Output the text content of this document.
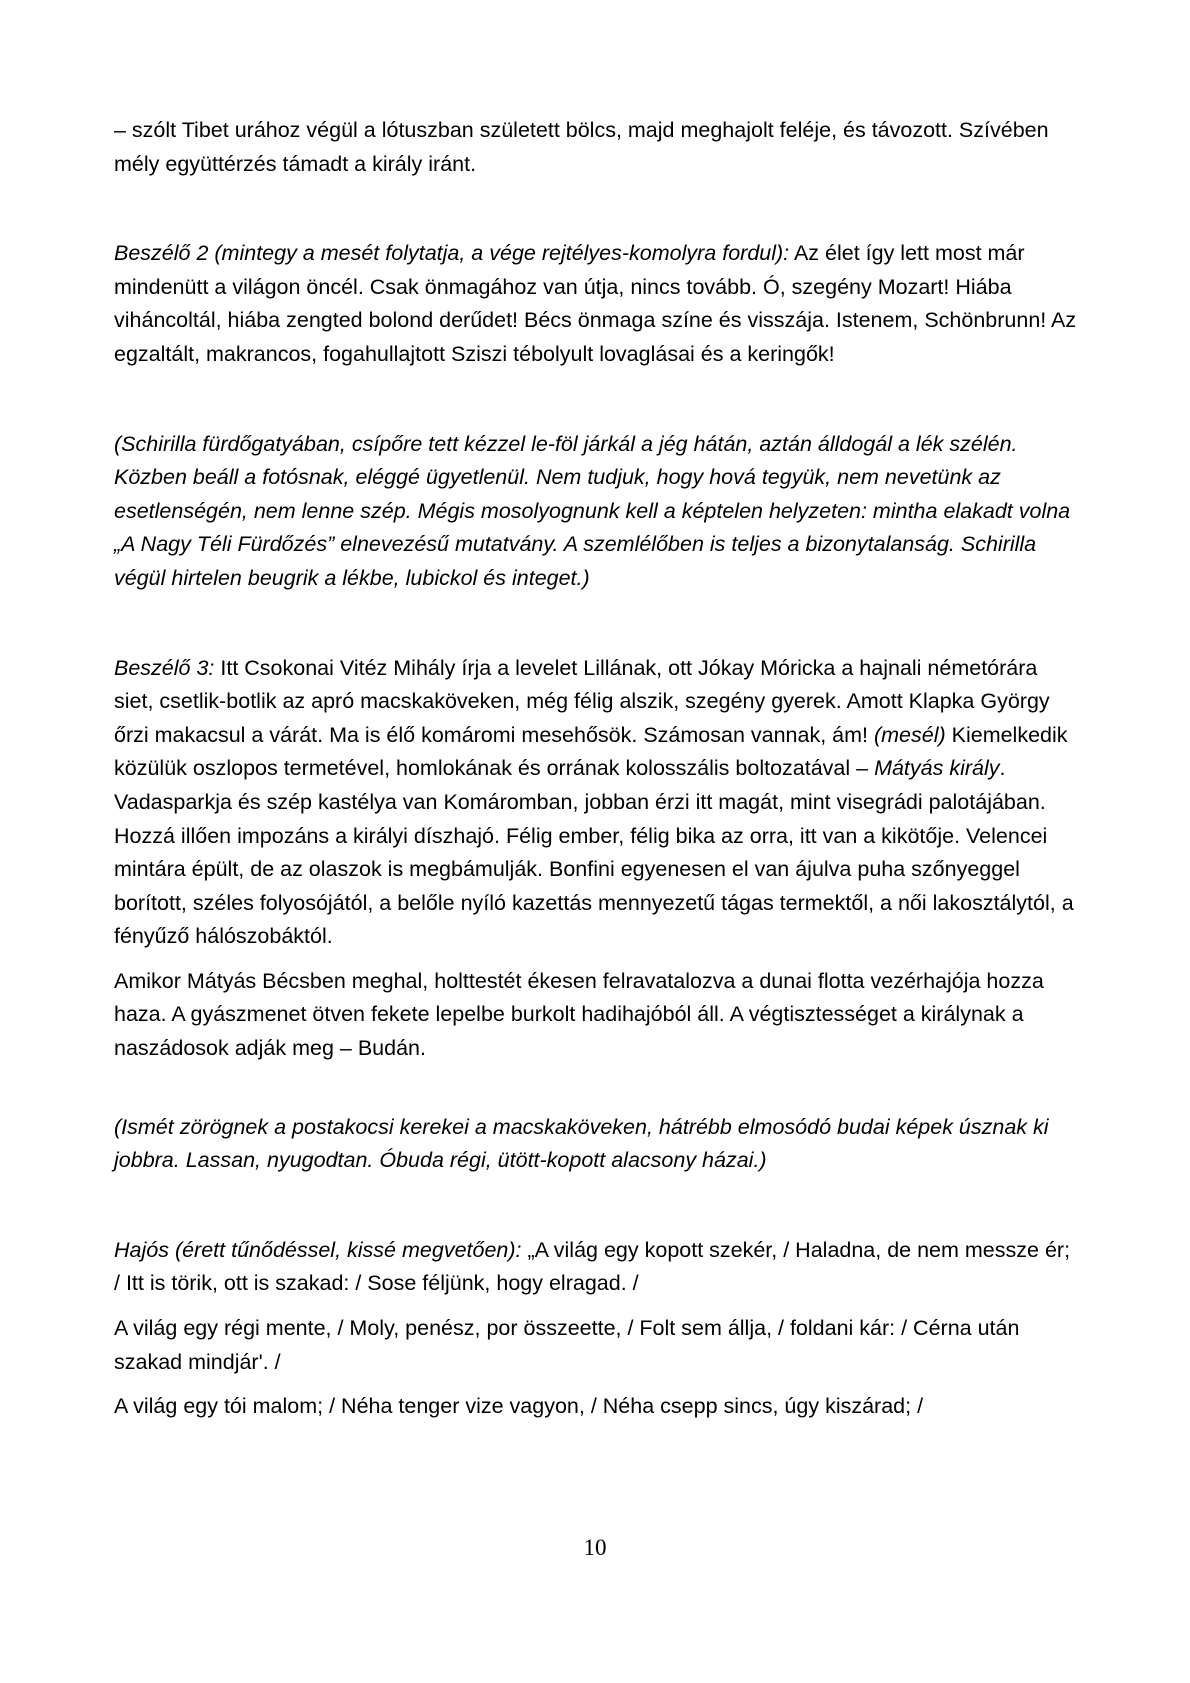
– szólt Tibet urához végül a lótuszban született bölcs, majd meghajolt feléje, és távozott. Szívében mély együttérzés támadt a király iránt.

Beszélő 2 (mintegy a mesét folytatja, a vége rejtélyes-komolyra fordul): Az élet így lett most már mindenütt a világon öncél. Csak önmagához van útja, nincs tovább. Ó, szegény Mozart! Hiába viháncoltál, hiába zengted bolond derűdet! Bécs önmaga színe és visszája. Istenem, Schönbrunn! Az egzaltált, makrancos, fogahullajtott Sziszi tébolyult lovaglásai és a keringők!

(Schirilla fürdőgatyában, csípőre tett kézzel le-föl járkál a jég hátán, aztán álldogál a lék szélén. Közben beáll a fotósnak, eléggé ügyetlenül. Nem tudjuk, hogy hová tegyük, nem nevetünk az esetlenségén, nem lenne szép. Mégis mosolyognunk kell a képtelen helyzeten: mintha elakadt volna „A Nagy Téli Fürdőzés” elnevezésű mutatvány. A szemlélőben is teljes a bizonytalanság. Schirilla végül hirtelen beugrik a lékbe, lubickol és integet.)

Beszélő 3: Itt Csokonai Vitéz Mihály írja a levelet Lillának, ott Jókay Móricka a hajnali németórára siet, csetlik-botlik az apró macskaköveken, még félig alszik, szegény gyerek. Amott Klapka György őrzi makacsul a várát. Ma is élő komáromi mesehősök. Számosan vannak, ám! (mesél) Kiemelkedik közülük oszlopos termetével, homlokának és orrának kolosszális boltozatával – Mátyás király. Vadasparkja és szép kastélya van Komáromban, jobban érzi itt magát, mint visegrádi palotájában. Hozzá illően impozáns a királyi díszhajó. Félig ember, félig bika az orra, itt van a kikötője. Velencei mintára épült, de az olaszok is megbámulják. Bonfini egyenesen el van ájulva puha szőnyeggel borított, széles folyosójától, a belőle nyíló kazettás mennyezetű tágas termektől, a női lakosztálytól, a fényűző hálószobáktól.

Amikor Mátyás Bécsben meghal, holttestét ékesen felravatalozva a dunai flotta vezérhajója hozza haza. A gyászmenet ötven fekete lepelbe burkolt hadihajóból áll. A végtisztességet a királynak a naszádosok adják meg – Budán.

(Ismét zörögnek a postakocsi kerekei a macskaköveken, hátrébb elmosódó budai képek úsznak ki jobbra. Lassan, nyugodtan. Óbuda régi, ütött-kopott alacsony házai.)

Hajós (érett tűnődéssel, kissé megvetően): „A világ egy kopott szekér, / Haladna, de nem messze ér; / Itt is törik, ott is szakad: / Sose féljünk, hogy elragad. /

A világ egy régi mente, / Moly, penész, por összeette, / Folt sem állja, / foldani kár: / Cérna után szakad mindjár'. /

A világ egy tói malom; / Néha tenger vize vagyon, / Néha csepp sincs, úgy kiszárad; /

10
